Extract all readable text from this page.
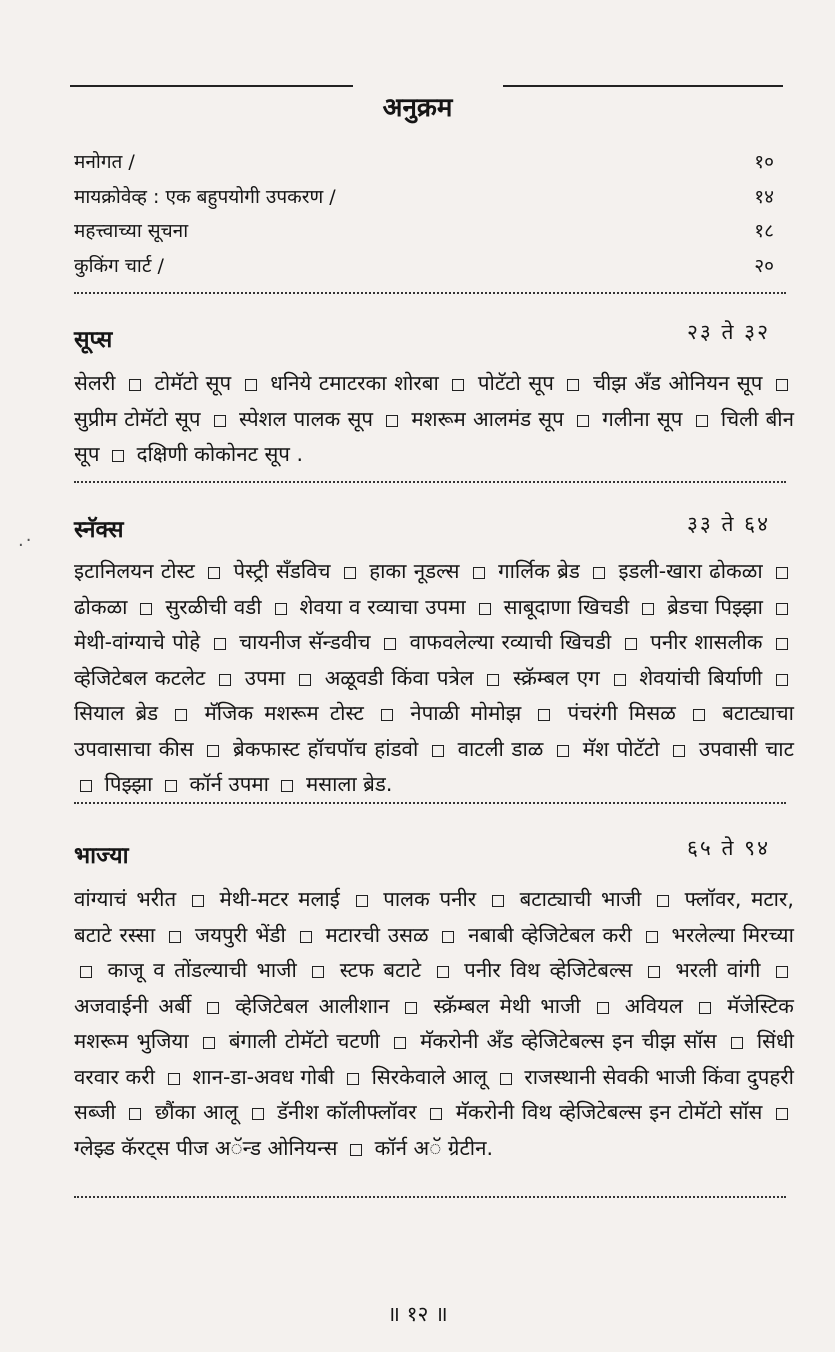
अनुक्रम
मनोगत /	१०
मायक्रोवेव्ह : एक बहुपयोगी उपकरण /	१४
महत्त्वाच्या सूचना	१८
कुकिंग चार्ट /	२०
सूप्स	२३ ते ३२
सेलरी टोमॅटो सूप धनिये टमाटरका शोरबा पोटॅटो सूप चीझ अँड ओनियन सूप  सुप्रीम टोमॅटो सूप स्पेशल पालक सूप मशरूम आलमंड सूप गलीना सूप चिली बीन सूप दक्षिणी कोकोनट सूप .
.· स्नॅक्स	३३ ते ६४
इटानिलयन टोस्ट पेस्ट्री सँडविच हाका नूडल्स गार्लिक ब्रेड इडली-खारा ढोकळा  ढोकळा सुरळीची वडी शेवया व रव्याचा उपमा साबूदाणा खिचडी ब्रेडचा पिझ्झा  मेथी-वांग्याचे पोहे चायनीज सॅन्डवीच वाफवलेल्या रव्याची खिचडी पनीर शासलीक  व्हेजिटेबल कटलेट उपमा अळूवडी किंवा पत्रेल स्क्रॅम्बल एग शेवयांची बिर्याणी  सियाल ब्रेड मॅजिक मशरूम टोस्ट नेपाळी मोमोझ पंचरंगी मिसळ बटाट्याचा उपवासाचा कीस ब्रेकफास्ट हॉचपॉच हांडवो वाटली डाळ मॅश पोटॅटो उपवासी चाट  पिझ्झा कॉर्न उपमा मसाला ब्रेड.
भाज्या	६५ ते ९४
वांग्याचं भरीत मेथी-मटर मलाई पालक पनीर बटाट्याची भाजी फ्लॉवर, मटार, बटाटे रस्सा जयपुरी भेंडी मटारची उसळ नबाबी व्हेजिटेबल करी भरलेल्या मिरच्या  काजू व तोंडल्याची भाजी स्टफ बटाटे पनीर विथ व्हेजिटेबल्स भरली वांगी  अजवाईनी अर्बी व्हेजिटेबल आलीशान स्क्रॅम्बल मेथी भाजी अवियल मॅजेस्टिक मशरूम भुजिया बंगाली टोमॅटो चटणी मॅकरोनी अँड व्हेजिटेबल्स इन चीझ सॉस सिंधी वरवार करी शान-डा-अवध गोबी सिरकेवाले आलू राजस्थानी सेवकी भाजी किंवा दुपहरी सब्जी छौंका आलू डॅनीश कॉलीफ्लॉवर मॅकरोनी विथ व्हेजिटेबल्स इन टोमॅटो सॉस  ग्लेझ्ड कॅरट्स पीज अॅन्ड ओनियन्स कॉर्न अॅ ग्रेटीन.
॥ १२ ॥
